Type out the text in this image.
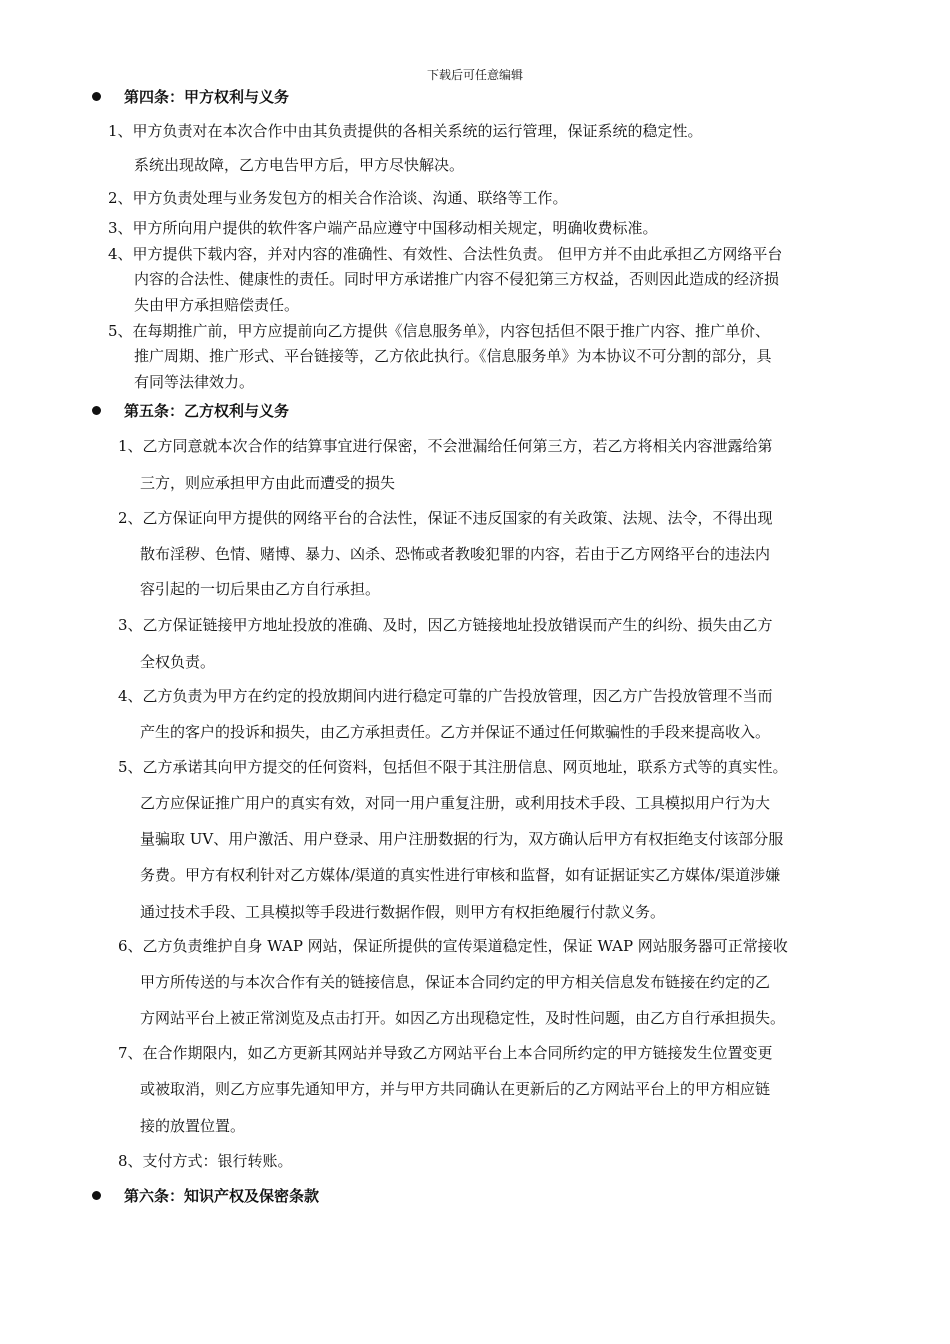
下载后可任意编辑
第四条：甲方权利与义务
1、甲方负责对在本次合作中由其负责提供的各相关系统的运行管理，保证系统的稳定性。
系统出现故障，乙方电告甲方后，甲方尽快解决。
2、甲方负责处理与业务发包方的相关合作洽谈、沟通、联络等工作。
3、甲方所向用户提供的软件客户端产品应遵守中国移动相关规定，明确收费标准。
4、甲方提供下载内容，并对内容的准确性、有效性、合法性负责。 但甲方并不由此承担乙方网络平台
内容的合法性、健康性的责任。同时甲方承诺推广内容不侵犯第三方权益，否则因此造成的经济损
失由甲方承担赔偿责任。
5、在每期推广前，甲方应提前向乙方提供《信息服务单》，内容包括但不限于推广内容、推广单价、
推广周期、推广形式、平台链接等，乙方依此执行。《信息服务单》为本协议不可分割的部分，具
有同等法律效力。
第五条：乙方权利与义务
1、乙方同意就本次合作的结算事宜进行保密，不会泄漏给任何第三方，若乙方将相关内容泄露给第
三方，则应承担甲方由此而遭受的损失
2、乙方保证向甲方提供的网络平台的合法性，保证不违反国家的有关政策、法规、法令，不得出现
散布淫秽、色情、赌博、暴力、凶杀、恐怖或者教唆犯罪的内容，若由于乙方网络平台的违法内
容引起的一切后果由乙方自行承担。
3、乙方保证链接甲方地址投放的准确、及时，因乙方链接地址投放错误而产生的纠纷、损失由乙方
全权负责。
4、乙方负责为甲方在约定的投放期间内进行稳定可靠的广告投放管理，因乙方广告投放管理不当而
产生的客户的投诉和损失，由乙方承担责任。乙方并保证不通过任何欺骗性的手段来提高收入。
5、乙方承诺其向甲方提交的任何资料，包括但不限于其注册信息、网页地址，联系方式等的真实性。
乙方应保证推广用户的真实有效，对同一用户重复注册，或利用技术手段、工具模拟用户行为大
量骗取 UV、用户激活、用户登录、用户注册数据的行为，双方确认后甲方有权拒绝支付该部分服
务费。甲方有权利针对乙方媒体/渠道的真实性进行审核和监督，如有证据证实乙方媒体/渠道涉嫌
通过技术手段、工具模拟等手段进行数据作假，则甲方有权拒绝履行付款义务。
6、乙方负责维护自身 WAP 网站，保证所提供的宣传渠道稳定性，保证 WAP 网站服务器可正常接收
甲方所传送的与本次合作有关的链接信息，保证本合同约定的甲方相关信息发布链接在约定的乙
方网站平台上被正常浏览及点击打开。如因乙方出现稳定性，及时性问题，由乙方自行承担损失。
7、在合作期限内，如乙方更新其网站并导致乙方网站平台上本合同所约定的甲方链接发生位置变更
或被取消，则乙方应事先通知甲方，并与甲方共同确认在更新后的乙方网站平台上的甲方相应链
接的放置位置。
8、支付方式：银行转账。
第六条：知识产权及保密条款
